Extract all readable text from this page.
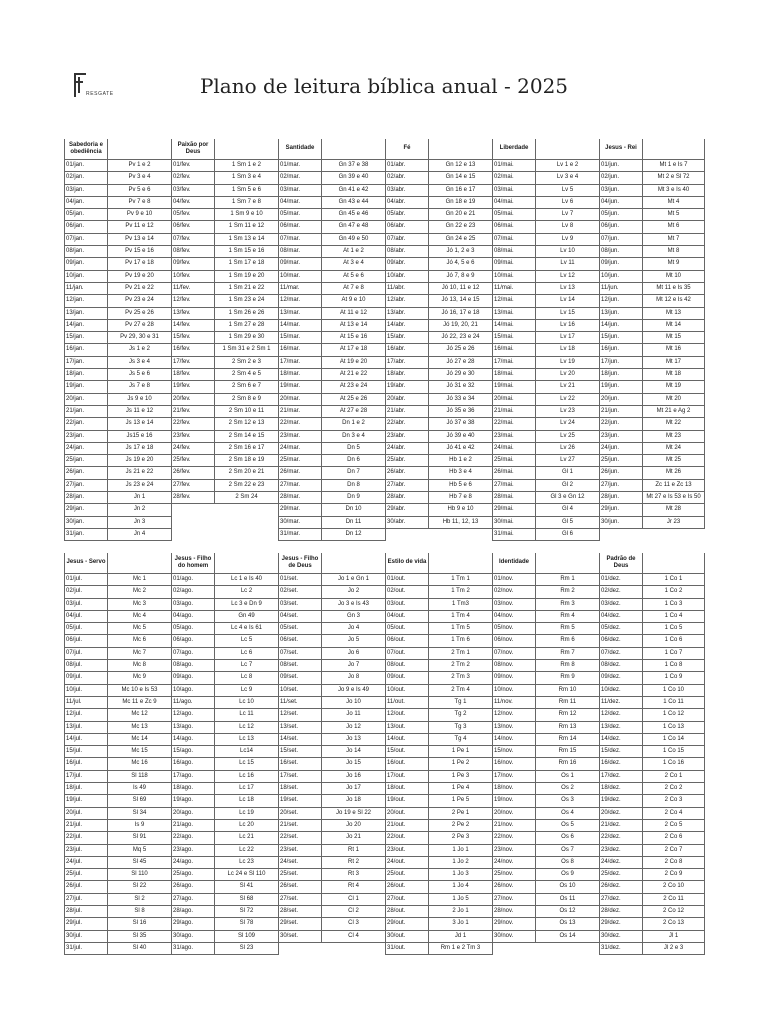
RESGATE	Plano de leitura bíblica anual - 2025
Sabedoria e obediência		Paixão por Deus		Santidade		Fé		Liberdade		Jesus - Rei	
01/jan.	Pv 1 e 2	01/fev.	1 Sm 1 e 2	01/mar.	Gn 37 e 38	01/abr.	Gn 12 e 13	01/mai.	Lv 1 e 2	01/jun.	Mt 1 e Is 7
02/jan.	Pv 3 e 4	02/fev.	1 Sm 3 e 4	02/mar.	Gn 39 e 40	02/abr.	Gn 14 e 15	02/mai.	Lv 3 e 4	02/jun.	Mt 2 e Sl 72
03/jan.	Pv 5 e 6	03/fev.	1 Sm 5 e 6	03/mar.	Gn 41 e 42	03/abr.	Gn 16 e 17	03/mai.	Lv 5	03/jun.	Mt 3 e Is 40
04/jan.	Pv 7 e 8	04/fev.	1 Sm 7 e 8	04/mar.	Gn 43 e 44	04/abr.	Gn 18 e 19	04/mai.	Lv 6	04/jun.	Mt 4
05/jan.	Pv 9 e 10	05/fev.	1 Sm 9 e 10	05/mar.	Gn 45 e 46	05/abr.	Gn 20 e 21	05/mai.	Lv 7	05/jun.	Mt 5
06/jan.	Pv 11 e 12	06/fev.	1 Sm 11 e 12	06/mar.	Gn 47 e 48	06/abr.	Gn 22 e 23	06/mai.	Lv 8	06/jun.	Mt 6
07/jan.	Pv 13 e 14	07/fev.	1 Sm 13 e 14	07/mar.	Gn 49 e 50	07/abr.	Gn 24 e 25	07/mai.	Lv 9	07/jun.	Mt 7
08/jan.	Pv 15 e 16	08/fev.	1 Sm 15 e 16	08/mar.	At 1 e 2	08/abr.	Jó 1, 2 e 3	08/mai.	Lv 10	08/jun.	Mt 8
09/jan.	Pv 17 e 18	09/fev.	1 Sm 17 e 18	09/mar.	At 3 e 4	09/abr.	Jó 4, 5 e 6	09/mai.	Lv 11	09/jun.	Mt 9
10/jan.	Pv 19 e 20	10/fev.	1 Sm 19 e 20	10/mar.	At 5 e 6	10/abr.	Jó 7, 8 e 9	10/mai.	Lv 12	10/jun.	Mt 10
11/jan.	Pv 21 e 22	11/fev.	1 Sm 21 e 22	11/mar.	At 7 e 8	11/abr.	Jó 10, 11 e 12	11/mai.	Lv 13	11/jun.	Mt 11 e Is 35
12/jan.	Pv 23 e 24	12/fev.	1 Sm 23 e 24	12/mar.	At 9 e 10	12/abr.	Jó 13, 14 e 15	12/mai.	Lv 14	12/jun.	Mt 12 e Is 42
13/jan.	Pv 25 e 26	13/fev.	1 Sm 26 e 26	13/mar.	At 11 e 12	13/abr.	Jó 16, 17 e 18	13/mai.	Lv 15	13/jun.	Mt 13
14/jan.	Pv 27 e 28	14/fev.	1 Sm 27 e 28	14/mar.	At 13 e 14	14/abr.	Jó 19, 20, 21	14/mai.	Lv 16	14/jun.	Mt 14
15/jan.	Pv 29, 30 e 31	15/fev.	1 Sm 29 e 30	15/mar.	At 15 e 16	15/abr.	Jó 22, 23 e 24	15/mai.	Lv 17	15/jun.	Mt 15
16/jan.	Js 1 e 2	16/fev.	1 Sm 31 e 2 Sm 1	16/mar.	At 17 e 18	16/abr.	Jó 25 e 26	16/mai.	Lv 18	16/jun.	Mt 16
17/jan.	Js 3 e 4	17/fev.	2 Sm 2 e 3	17/mar.	At 19 e 20	17/abr.	Jó 27 e 28	17/mai.	Lv 19	17/jun.	Mt 17
18/jan.	Js 5 e 6	18/fev.	2 Sm 4 e 5	18/mar.	At 21 e 22	18/abr.	Jó 29 e 30	18/mai.	Lv 20	18/jun.	Mt 18
19/jan.	Js 7 e 8	19/fev.	2 Sm 6 e 7	19/mar.	At 23 e 24	19/abr.	Jó 31 e 32	19/mai.	Lv 21	19/jun.	Mt 19
20/jan.	Js 9 e 10	20/fev.	2 Sm 8 e 9	20/mar.	At 25 e 26	20/abr.	Jó 33 e 34	20/mai.	Lv 22	20/jun.	Mt 20
21/jan.	Js 11 e 12	21/fev.	2 Sm 10 e 11	21/mar.	At 27 e 28	21/abr.	Jó 35 e 36	21/mai.	Lv 23	21/jun.	Mt 21 e Ag 2
22/jan.	Js 13 e 14	22/fev.	2 Sm 12 e 13	22/mar.	Dn 1 e 2	22/abr.	Jó 37 e 38	22/mai.	Lv 24	22/jun.	Mt 22
23/jan.	Js15 e 16	23/fev.	2 Sm 14 e 15	23/mar.	Dn 3 e 4	23/abr.	Jó 39 e 40	23/mai.	Lv 25	23/jun.	Mt 23
24/jan.	Js 17 e 18	24/fev.	2 Sm 16 e 17	24/mar.	Dn 5	24/abr.	Jó 41 e 42	24/mai.	Lv 26	24/jun.	Mt 24
25/jan.	Js 19 e 20	25/fev.	2 Sm 18 e 19	25/mar.	Dn 6	25/abr.	Hb 1 e 2	25/mai.	Lv 27	25/jun.	Mt 25
26/jan.	Js 21 e 22	26/fev.	2 Sm 20 e 21	26/mar.	Dn 7	26/abr.	Hb 3 e 4	26/mai.	Gl 1	26/jun.	Mt 26
27/jan.	Js 23 e 24	27/fev.	2 Sm 22 e 23	27/mar.	Dn 8	27/abr.	Hb 5 e 6	27/mai.	Gl 2	27/jun.	Zc 11 e Zc 13
28/jan.	Jn 1	28/fev.	2 Sm 24	28/mar.	Dn 9	28/abr.	Hb 7 e 8	28/mai.	Gl 3 e Gn 12	28/jun.	Mt 27 e Is 53 e Is 50
29/jan.	Jn 2			29/mar.	Dn 10	29/abr.	Hb 9 e 10	29/mai.	Gl 4	29/jun.	Mt 28
30/jan.	Jn 3			30/mar.	Dn 11	30/abr.	Hb 11, 12, 13	30/mai.	Gl 5	30/jun.	Jr 23
31/jan.	Jn 4			31/mar.	Dn 12			31/mai.	Gl 6		
Jesus - Servo		Jesus - Filho do homem		Jesus - Filho de Deus		Estilo de vida		Identidade		Padrão de Deus	
01/jul.	Mc 1	01/ago.	Lc 1 e Is 40	01/set.	Jo 1 e Gn 1	01/out.	1 Tm 1	01/nov.	Rm 1	01/dez.	1 Co 1
02/jul.	Mc 2	02/ago.	Lc 2	02/set.	Jo 2	02/out.	1 Tm 2	02/nov.	Rm 2	02/dez.	1 Co 2
03/jul.	Mc 3	03/ago.	Lc 3 e Dn 9	03/set.	Jo 3 e Is 43	03/out.	1 Tm3	03/nov.	Rm 3	03/dez.	1 Co 3
04/jul.	Mc 4	04/ago.	Gn 49	04/set.	Gn 3	04/out.	1 Tm 4	04/nov.	Rm 4	04/dez.	1 Co 4
05/jul.	Mc 5	05/ago.	Lc 4 e Is 61	05/set.	Jo 4	05/out.	1 Tm 5	05/nov.	Rm 5	05/dez.	1 Co 5
06/jul.	Mc 6	06/ago.	Lc 5	06/set.	Jo 5	06/out.	1 Tm 6	06/nov.	Rm 6	06/dez.	1 Co 6
07/jul.	Mc 7	07/ago.	Lc 6	07/set.	Jo 6	07/out.	2 Tm 1	07/nov.	Rm 7	07/dez.	1 Co 7
08/jul.	Mc 8	08/ago.	Lc 7	08/set.	Jo 7	08/out.	2 Tm 2	08/nov.	Rm 8	08/dez.	1 Co 8
09/jul.	Mc 9	09/ago.	Lc 8	09/set.	Jo 8	09/out.	2 Tm 3	09/nov.	Rm 9	09/dez.	1 Co 9
10/jul.	Mc 10 e Is 53	10/ago.	Lc 9	10/set.	Jo 9 e Is 49	10/out.	2 Tm 4	10/nov.	Rm 10	10/dez.	1 Co 10
11/jul.	Mc 11 e Zc 9	11/ago.	Lc 10	11/set.	Jo 10	11/out.	Tg 1	11/nov.	Rm 11	11/dez.	1 Co 11
12/jul.	Mc 12	12/ago.	Lc 11	12/set.	Jo 11	12/out.	Tg 2	12/nov.	Rm 12	12/dez.	1 Co 12
13/jul.	Mc 13	13/ago.	Lc 12	13/set.	Jo 12	13/out.	Tg 3	13/nov.	Rm 13	13/dez.	1 Co 13
14/jul.	Mc 14	14/ago.	Lc 13	14/set.	Jo 13	14/out.	Tg 4	14/nov.	Rm 14	14/dez.	1 Co 14
15/jul.	Mc 15	15/ago.	Lc14	15/set.	Jo 14	15/out.	1 Pe 1	15/nov.	Rm 15	15/dez.	1 Co 15
16/jul.	Mc 16	16/ago.	Lc 15	16/set.	Jo 15	16/out.	1 Pe 2	16/nov.	Rm 16	16/dez.	1 Co 16
17/jul.	Sl 118	17/ago.	Lc 16	17/set.	Jo 16	17/out.	1 Pe 3	17/nov.	Os 1	17/dez.	2 Co 1
18/jul.	Is 49	18/ago.	Lc 17	18/set.	Jo 17	18/out.	1 Pe 4	18/nov.	Os 2	18/dez.	2 Co 2
19/jul.	Sl 69	19/ago.	Lc 18	19/set.	Jo 18	19/out.	1 Pe 5	19/nov.	Os 3	19/dez.	2 Co 3
20/jul.	Sl 34	20/ago.	Lc 19	20/set.	Jo 19 e Sl 22	20/out.	2 Pe 1	20/nov.	Os 4	20/dez.	2 Co 4
21/jul.	Is 9	21/ago.	Lc 20	21/set.	Jo 20	21/out.	2 Pe 2	21/nov.	Os 5	21/dez.	2 Co 5
22/jul.	Sl 91	22/ago.	Lc 21	22/set.	Jo 21	22/out.	2 Pe 3	22/nov.	Os 6	22/dez.	2 Co 6
23/jul.	Mq 5	23/ago.	Lc 22	23/set.	Rt 1	23/out.	1 Jo 1	23/nov.	Os 7	23/dez.	2 Co 7
24/jul.	Sl 45	24/ago.	Lc 23	24/set.	Rt 2	24/out.	1 Jo 2	24/nov.	Os 8	24/dez.	2 Co 8
25/jul.	Sl 110	25/ago.	Lc 24 e Sl 110	25/set.	Rt 3	25/out.	1 Jo 3	25/nov.	Os 9	25/dez.	2 Co 9
26/jul.	Sl 22	26/ago.	Sl 41	26/set.	Rt 4	26/out.	1 Jo 4	26/nov.	Os 10	26/dez.	2 Co 10
27/jul.	Sl 2	27/ago.	Sl 68	27/set.	Cl 1	27/out.	1 Jo 5	27/nov.	Os 11	27/dez.	2 Co 11
28/jul.	Sl 8	28/ago.	Sl 72	28/set.	Cl 2	28/out.	2 Jo 1	28/nov.	Os 12	28/dez.	2 Co 12
29/jul.	Sl 16	29/ago.	Sl 78	29/set.	Cl 3	29/out.	3 Jo 1	29/nov.	Os 13	29/dez.	2 Co 13
30/jul.	Sl 35	30/ago.	Sl 109	30/set.	Cl 4	30/out.	Jd 1	30/nov.	Os 14	30/dez.	Jl 1
31/jul.	Sl 40	31/ago.	Sl 23			31/out.	Rm 1 e 2 Tm 3			31/dez.	Jl 2 e 3
